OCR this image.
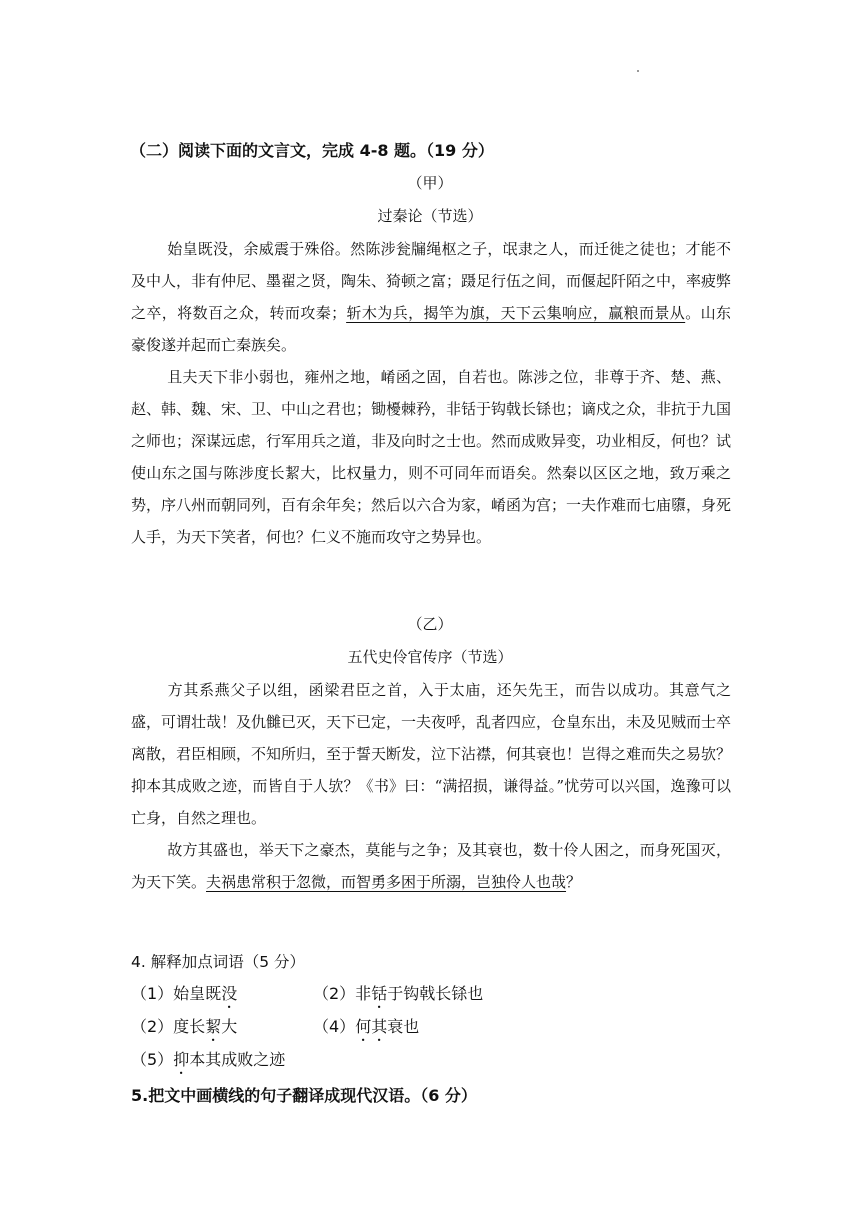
（二）阅读下面的文言文，完成 4-8 题。（19 分）
（甲）
过秦论（节选）

始皇既没，余威震于殊俗。然陈涉瓮牖绳枢之子，氓隶之人，而迁徙之徒也；才能不及中人，非有仲尼、墨翟之贤，陶朱、猗顿之富；蹑足行伍之间，而偃起阡陌之中，率疲弊之卒，将数百之众，转而攻秦；斩木为兵，揭竿为旗，天下云集响应，赢粮而景从。山东豪俊遂并起而亡秦族矣。

且夫天下非小弱也，雍州之地，崤函之固，自若也。陈涉之位，非尊于齐、楚、燕、赵、韩、魏、宋、卫、中山之君也；锄櫌棘矜，非铦于钩戟长铩也；谪戍之众，非抗于九国之师也；深谋远虑，行军用兵之道，非及向时之士也。然而成败异变，功业相反，何也？试使山东之国与陈涉度长絜大，比权量力，则不可同年而语矣。然秦以区区之地，致万乘之势，序八州而朝同列，百有余年矣；然后以六合为家，崤函为宫；一夫作难而七庙隳，身死人手，为天下笑者，何也？仁义不施而攻守之势异也。

（乙）
五代史伶官传序（节选）

方其系燕父子以组，函梁君臣之首，入于太庙，还矢先王，而告以成功。其意气之盛，可谓壮哉！及仇雠已灭，天下已定，一夫夜呼，乱者四应，仓皇东出，未及见贼而士卒离散，君臣相顾，不知所归，至于誓天断发，泣下沾襟，何其衰也！岂得之难而失之易欤？抑本其成败之迹，而皆自于人欤？《书》曰：“满招损，谦得益。”忧劳可以兴国，逸豫可以亡身，自然之理也。

故方其盛也，举天下之豪杰，莫能与之争；及其衰也，数十伶人困之，而身死国灭，为天下笑。夫祸患常积于忽微，而智勇多困于所溺，岂独伶人也哉？

4. 解释加点词语（5 分）
（1）始皇既没	（2）非铦于钩戟长铩也
（2）度长絜大	（4）何其衰也
（5）抑本其成败之迹
5.把文中画横线的句子翻译成现代汉语。（6 分）
